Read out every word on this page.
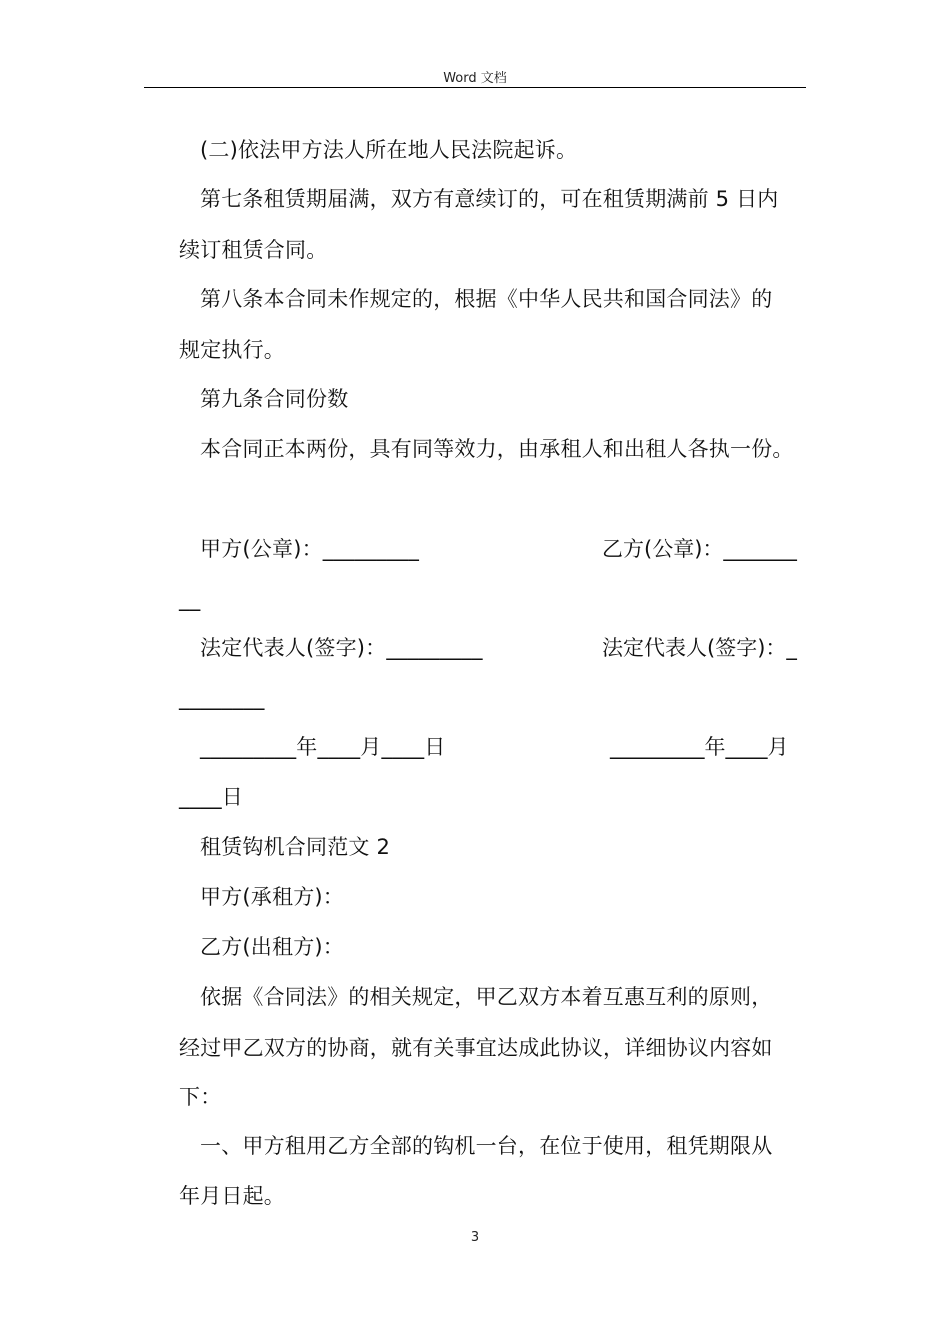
Word 文档
(二)依法甲方法人所在地人民法院起诉。
第七条租赁期届满，双方有意续订的，可在租赁期满前 5 日内
续订租赁合同。
第八条本合同未作规定的，根据《中华人民共和国合同法》的
规定执行。
第九条合同份数
本合同正本两份，具有同等效力，由承租人和出租人各执一份。
甲方(公章)：_________	乙方(公章)：_______
__
法定代表人(签字)：_________	法定代表人(签字)：_
________
_________年____月____日	_________年____月
____日
租赁钩机合同范文 2
甲方(承租方)：
乙方(出租方)：
依据《合同法》的相关规定，甲乙双方本着互惠互利的原则，
经过甲乙双方的协商，就有关事宜达成此协议，详细协议内容如
下：
一、甲方租用乙方全部的钩机一台，在位于使用，租凭期限从
年月日起。
3
